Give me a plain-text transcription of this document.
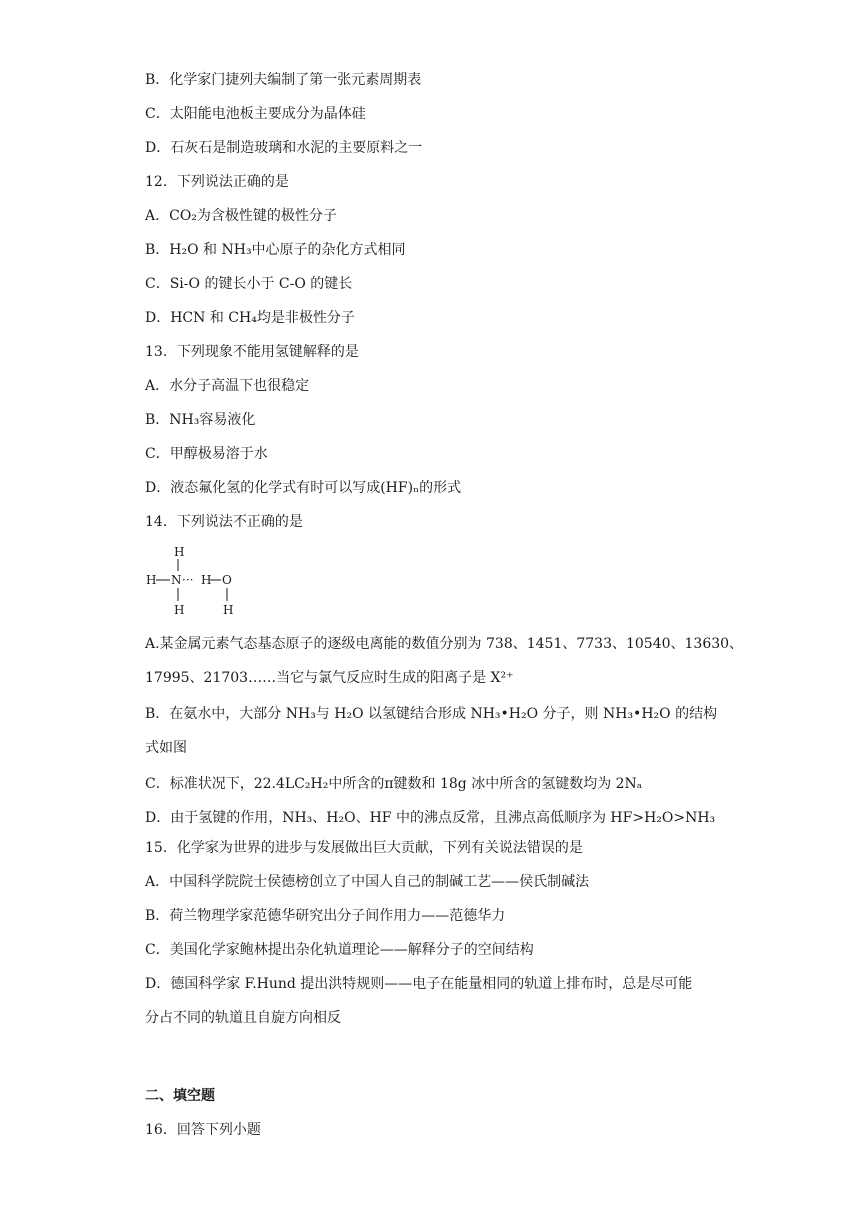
B．化学家门捷列夫编制了第一张元素周期表
C．太阳能电池板主要成分为晶体硅
D．石灰石是制造玻璃和水泥的主要原料之一
12．下列说法正确的是
A．CO₂为含极性键的极性分子
B．H₂O 和 NH₃中心原子的杂化方式相同
C．Si-O 的键长小于 C-O 的键长
D．HCN 和 CH₄均是非极性分子
13．下列现象不能用氢键解释的是
A．水分子高温下也很稳定
B．NH₃容易液化
C．甲醇极易溶于水
D．液态氟化氢的化学式有时可以写成(HF)ₙ的形式
14．下列说法不正确的是
H
H N H O
H	H
···
A.某金属元素气态基态原子的逐级电离能的数值分别为 738、1451、7733、10540、13630、
17995、21703……当它与氯气反应时生成的阳离子是 X²⁺
B．在氨水中，大部分 NH₃与 H₂O 以氢键结合形成 NH₃•H₂O 分子，则 NH₃•H₂O 的结构
式如图
C．标准状况下，22.4LC₂H₂中所含的π键数和 18g 冰中所含的氢键数均为 2Nₐ
D．由于氢键的作用，NH₃、H₂O、HF 中的沸点反常，且沸点高低顺序为 HF>H₂O>NH₃
15．化学家为世界的进步与发展做出巨大贡献，下列有关说法错误的是
A．中国科学院院士侯德榜创立了中国人自己的制碱工艺——侯氏制碱法
B．荷兰物理学家范德华研究出分子间作用力——范德华力
C．美国化学家鲍林提出杂化轨道理论——解释分子的空间结构
D．德国科学家 F.Hund 提出洪特规则——电子在能量相同的轨道上排布时，总是尽可能
分占不同的轨道且自旋方向相反
二、填空题
16．回答下列小题
